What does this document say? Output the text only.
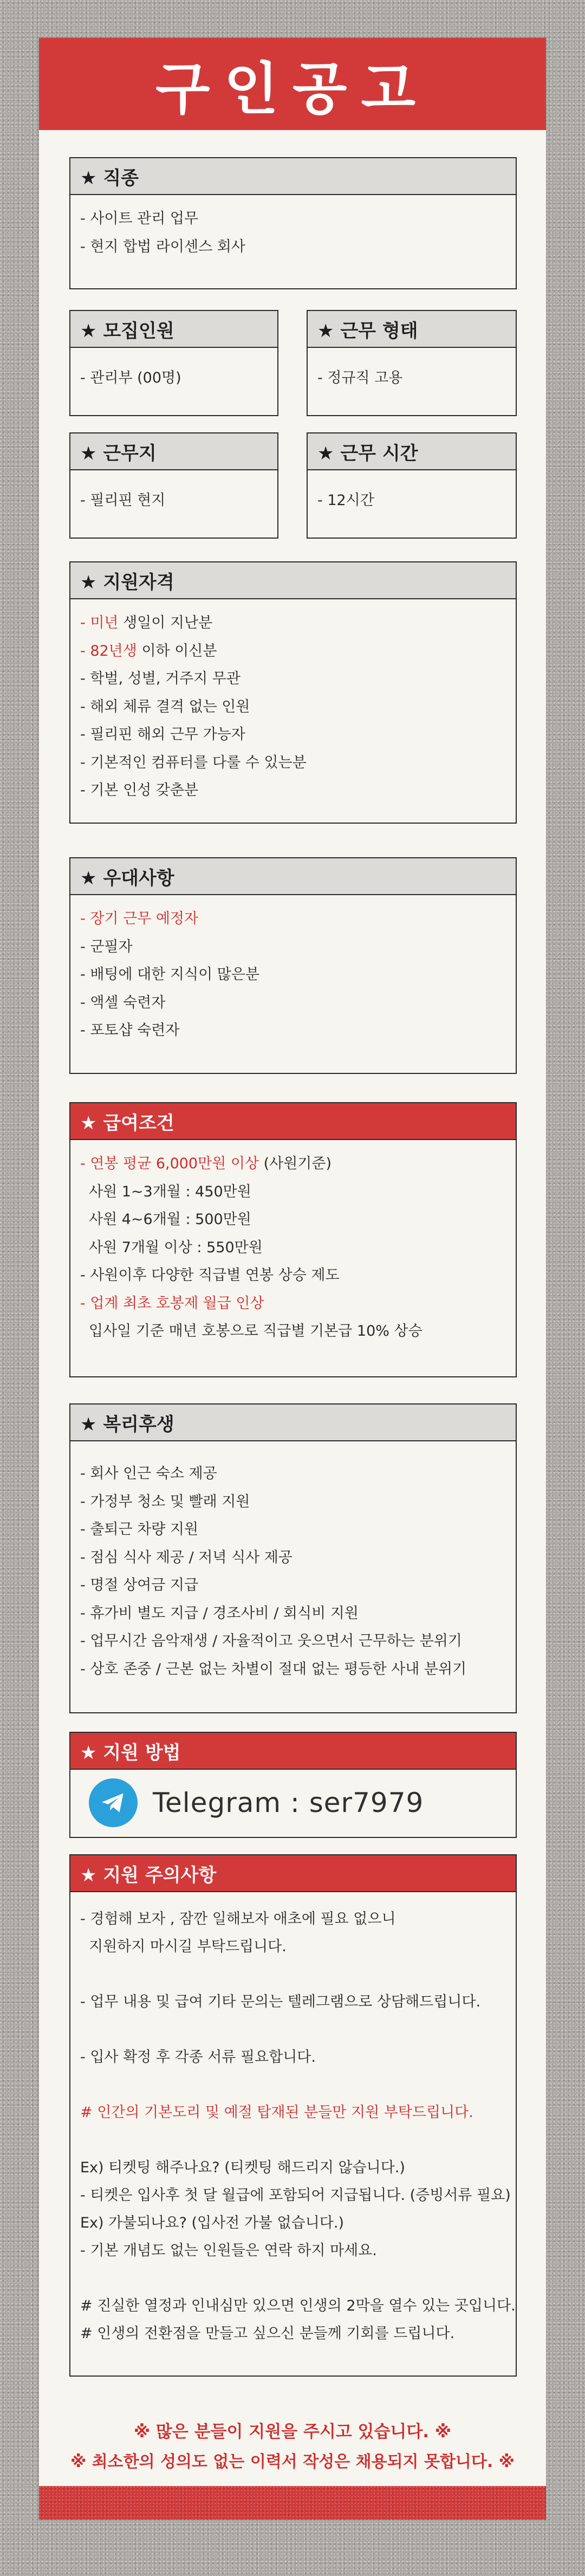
구인공고
★ 직종
- 사이트 관리 업무
- 현지 합법 라이센스 회사
★ 모집인원
- 관리부 (00명)
★ 근무 형태
- 정규직 고용
★ 근무지
- 필리핀 현지
★ 근무 시간
- 12시간
★ 지원자격
- 미년 생일이 지난분
- 82년생 이하 이신분
- 학벌, 성별, 거주지 무관
- 해외 체류 결격 없는 인원
- 필리핀 해외 근무 가능자
- 기본적인 컴퓨터를 다룰 수 있는분
- 기본 인성 갖춘분
★ 우대사항
- 장기 근무 예정자
- 군필자
- 배팅에 대한 지식이 많은분
- 액셀 숙련자
- 포토샵 숙련자
★ 급여조건
- 연봉 평균 6,000만원 이상 (사원기준)
사원 1~3개월 : 450만원
사원 4~6개월 : 500만원
사원 7개월 이상 : 550만원
- 사원이후 다양한 직급별 연봉 상승 제도
- 업계 최초 호봉제 월급 인상
입사일 기준 매년 호봉으로 직급별 기본급 10% 상승
★ 복리후생
- 회사 인근 숙소 제공
- 가정부 청소 및 빨래 지원
- 출퇴근 차량 지원
- 점심 식사 제공 / 저녁 식사 제공
- 명절 상여금 지급
- 휴가비 별도 지급 / 경조사비 / 회식비 지원
- 업무시간 음악재생 / 자율적이고 웃으면서 근무하는 분위기
- 상호 존중 / 근본 없는 차별이 절대 없는 평등한 사내 분위기
★ 지원 방법
Telegram : ser7979
★ 지원 주의사항
- 경험해 보자 , 잠깐 일해보자 애초에 필요 없으니
지원하지 마시길 부탁드립니다.
- 업무 내용 및 급여 기타 문의는 텔레그램으로 상담해드립니다.
- 입사 확정 후 각종 서류 필요합니다.
# 인간의 기본도리 및 예절 탑재된 분들만 지원 부탁드립니다.
Ex) 티켓팅 해주나요? (티켓팅 해드리지 않습니다.)
- 티켓은 입사후 첫 달 월급에 포함되어 지급됩니다. (증빙서류 필요)
Ex) 가불되나요? (입사전 가불 없습니다.)
- 기본 개념도 없는 인원들은 연락 하지 마세요.
# 진실한 열정과 인내심만 있으면 인생의 2막을 열수 있는 곳입니다.
# 인생의 전환점을 만들고 싶으신 분들께 기회를 드립니다.
※ 많은 분들이 지원을 주시고 있습니다. ※
※ 최소한의 성의도 없는 이력서 작성은 채용되지 못합니다. ※
